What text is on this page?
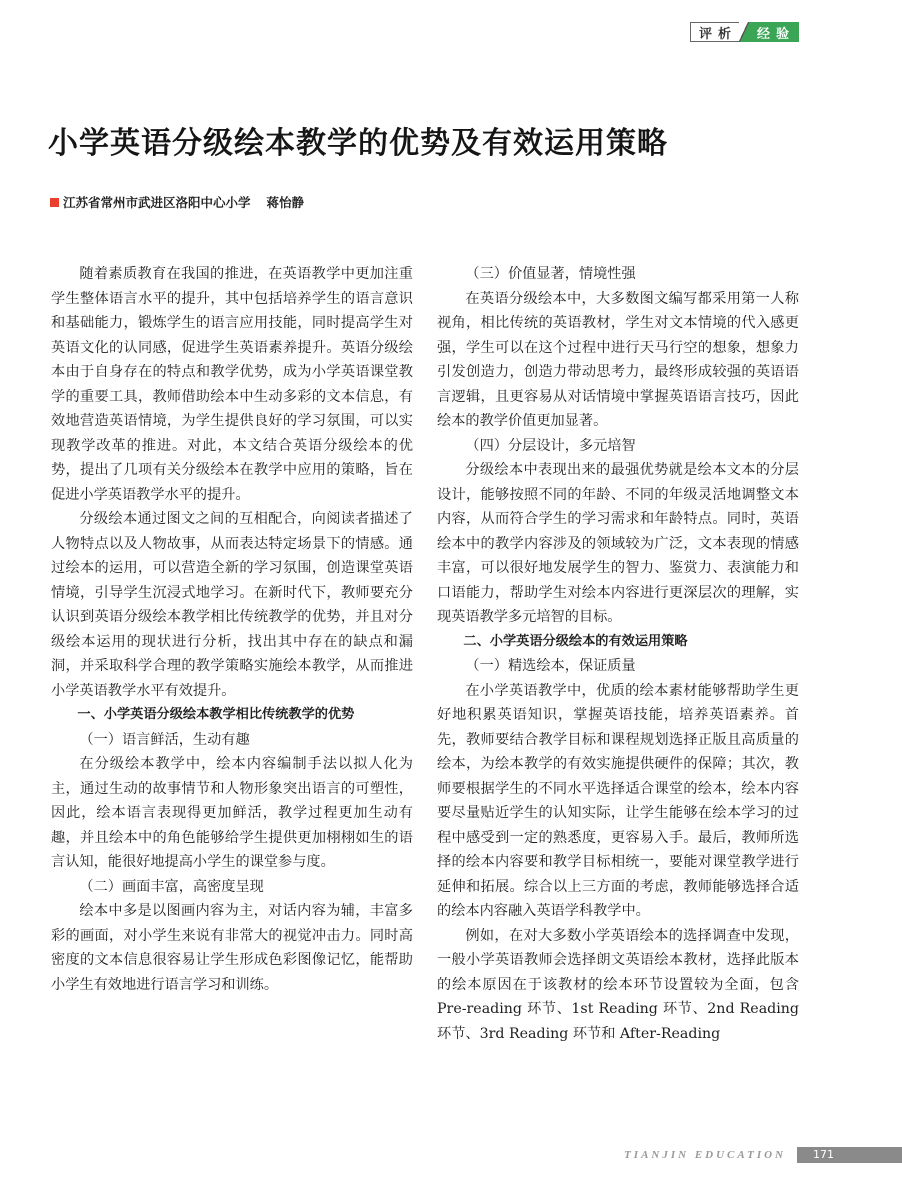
评析	经验
小学英语分级绘本教学的优势及有效运用策略
江苏省常州市武进区洛阳中心小学 蒋怡静

随着素质教育在我国的推进，在英语教学中更加注重学生整体语言水平的提升，其中包括培养学生的语言意识和基础能力，锻炼学生的语言应用技能，同时提高学生对英语文化的认同感，促进学生英语素养提升。英语分级绘本由于自身存在的特点和教学优势，成为小学英语课堂教学的重要工具，教师借助绘本中生动多彩的文本信息，有效地营造英语情境，为学生提供良好的学习氛围，可以实现教学改革的推进。对此，本文结合英语分级绘本的优势，提出了几项有关分级绘本在教学中应用的策略，旨在促进小学英语教学水平的提升。

分级绘本通过图文之间的互相配合，向阅读者描述了人物特点以及人物故事，从而表达特定场景下的情感。通过绘本的运用，可以营造全新的学习氛围，创造课堂英语情境，引导学生沉浸式地学习。在新时代下，教师要充分认识到英语分级绘本教学相比传统教学的优势，并且对分级绘本运用的现状进行分析，找出其中存在的缺点和漏洞，并采取科学合理的教学策略实施绘本教学，从而推进小学英语教学水平有效提升。

一、小学英语分级绘本教学相比传统教学的优势

（一）语言鲜活，生动有趣

在分级绘本教学中，绘本内容编制手法以拟人化为主，通过生动的故事情节和人物形象突出语言的可塑性，因此，绘本语言表现得更加鲜活，教学过程更加生动有趣，并且绘本中的角色能够给学生提供更加栩栩如生的语言认知，能很好地提高小学生的课堂参与度。

（二）画面丰富，高密度呈现

绘本中多是以图画内容为主，对话内容为辅，丰富多彩的画面，对小学生来说有非常大的视觉冲击力。同时高密度的文本信息很容易让学生形成色彩图像记忆，能帮助小学生有效地进行语言学习和训练。

（三）价值显著，情境性强

在英语分级绘本中，大多数图文编写都采用第一人称视角，相比传统的英语教材，学生对文本情境的代入感更强，学生可以在这个过程中进行天马行空的想象，想象力引发创造力，创造力带动思考力，最终形成较强的英语语言逻辑，且更容易从对话情境中掌握英语语言技巧，因此绘本的教学价值更加显著。

（四）分层设计，多元培智

分级绘本中表现出来的最强优势就是绘本文本的分层设计，能够按照不同的年龄、不同的年级灵活地调整文本内容，从而符合学生的学习需求和年龄特点。同时，英语绘本中的教学内容涉及的领域较为广泛，文本表现的情感丰富，可以很好地发展学生的智力、鉴赏力、表演能力和口语能力，帮助学生对绘本内容进行更深层次的理解，实现英语教学多元培智的目标。

二、小学英语分级绘本的有效运用策略

（一）精选绘本，保证质量

在小学英语教学中，优质的绘本素材能够帮助学生更好地积累英语知识，掌握英语技能，培养英语素养。首先，教师要结合教学目标和课程规划选择正版且高质量的绘本，为绘本教学的有效实施提供硬件的保障；其次，教师要根据学生的不同水平选择适合课堂的绘本，绘本内容要尽量贴近学生的认知实际，让学生能够在绘本学习的过程中感受到一定的熟悉度，更容易入手。最后，教师所选择的绘本内容要和教学目标相统一，要能对课堂教学进行延伸和拓展。综合以上三方面的考虑，教师能够选择合适的绘本内容融入英语学科教学中。

例如，在对大多数小学英语绘本的选择调查中发现，一般小学英语教师会选择朗文英语绘本教材，选择此版本的绘本原因在于该教材的绘本环节设置较为全面，包含 Pre-reading 环节、1st Reading 环节、2nd Reading 环节、3rd Reading 环节和 After-Reading

TIANJIN EDUCATION	171
